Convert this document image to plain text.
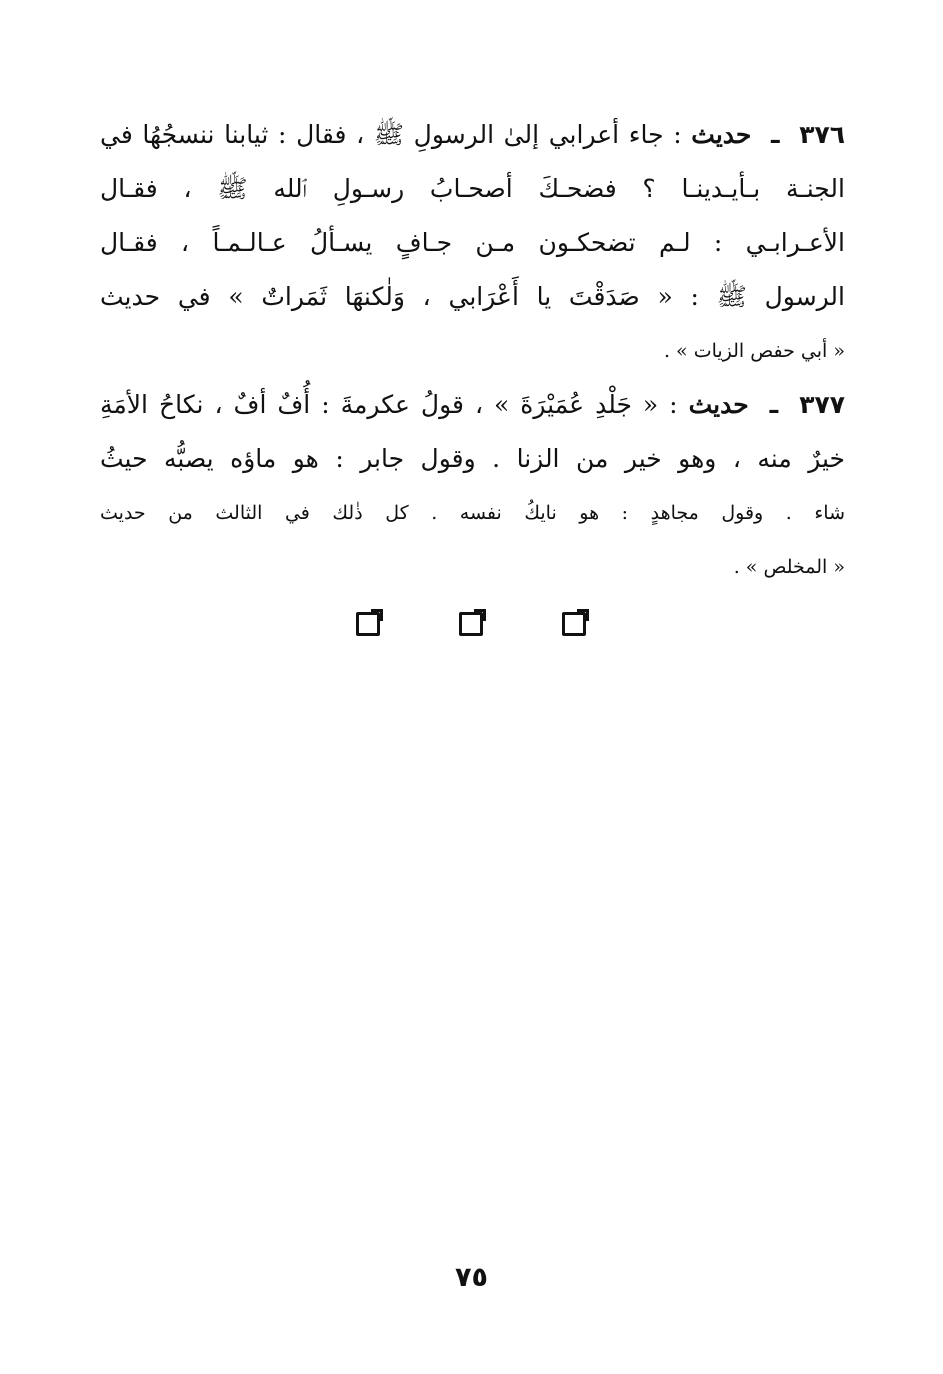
٣٧٦ ـ حديث : جاء أعرابي إلىٰ الرسولِ ﷺ ، فقال : ثيابنا ننسجُهُا في
الجنـة بـأيـدينـا ؟ فضحـكَ أصحـابُ رسـولِ ٱلله ﷺ ، فقـال
الأعـرابـي : لـم تضحكـون مـن جـافٍ يسـألُ عـالـمـاً ، فقـال
الرسول ﷺ : « صَدَقْتَ يا أَعْرَابي ، وَلٰكنهَا ثَمَراتٌ » في حديث
« أبي حفص الزيات » .
٣٧٧ ـ حديث : « جَلْدِ عُمَيْرَةَ » ، قولُ عكرمةَ : أُفٌ أفٌ ، نكاحُ الأمَةِ
خيرٌ منه ، وهو خير من الزنا . وقول جابر : هو ماؤه يصبُّه حيثُ
شاء . وقول مجاهدٍ : هو نايكُ نفسه . كل ذٰلك في الثالث من حديث
« المخلص » .
٧٥
